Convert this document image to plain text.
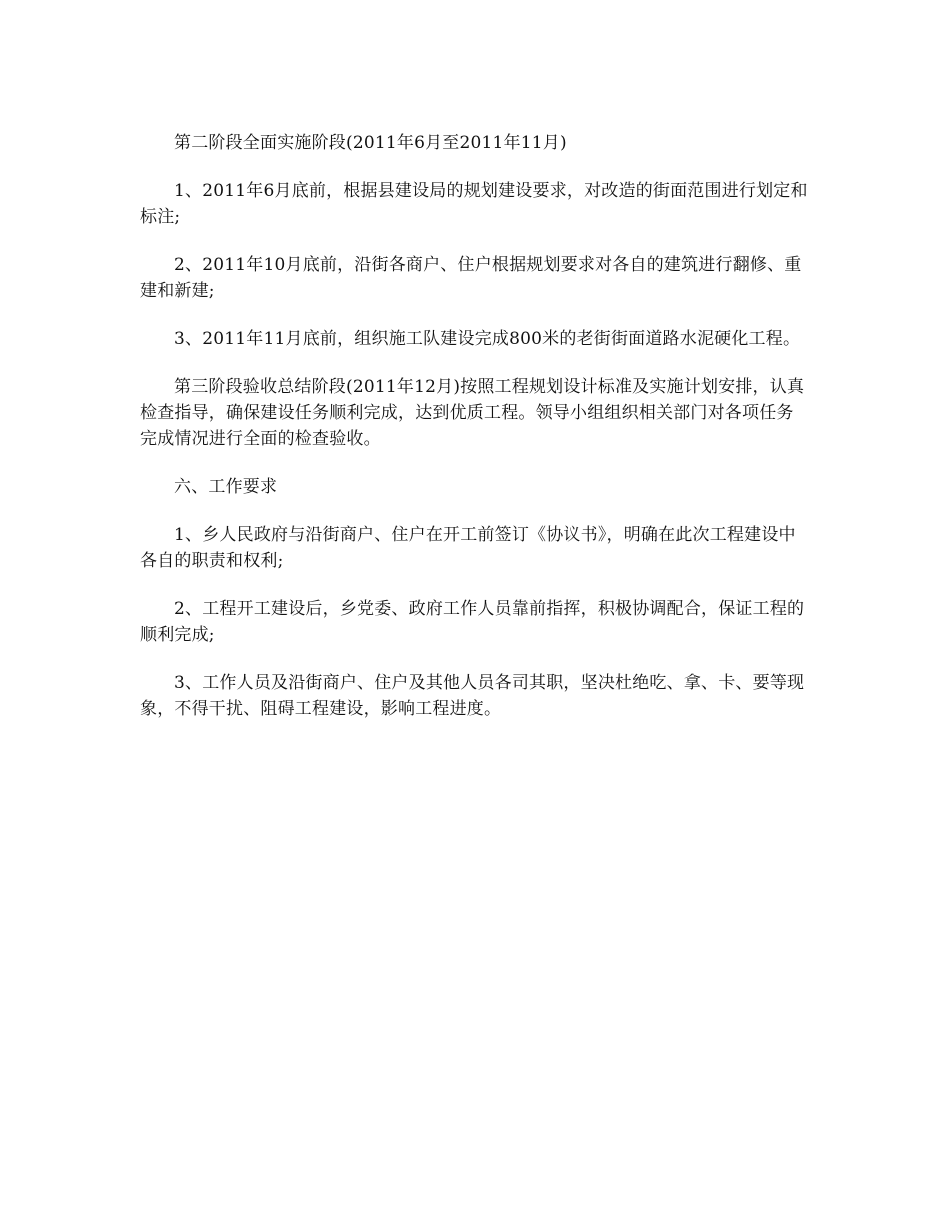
第二阶段全面实施阶段(2011年6月至2011年11月)

1、2011年6月底前，根据县建设局的规划建设要求，对改造的街面范围进行划定和标注;

2、2011年10月底前，沿街各商户、住户根据规划要求对各自的建筑进行翻修、重建和新建;

3、2011年11月底前，组织施工队建设完成800米的老街街面道路水泥硬化工程。

第三阶段验收总结阶段(2011年12月)按照工程规划设计标准及实施计划安排，认真检查指导，确保建设任务顺利完成，达到优质工程。领导小组组织相关部门对各项任务完成情况进行全面的检查验收。

六、工作要求

1、乡人民政府与沿街商户、住户在开工前签订《协议书》，明确在此次工程建设中各自的职责和权利;

2、工程开工建设后，乡党委、政府工作人员靠前指挥，积极协调配合，保证工程的顺利完成;

3、工作人员及沿街商户、住户及其他人员各司其职，坚决杜绝吃、拿、卡、要等现象，不得干扰、阻碍工程建设，影响工程进度。
